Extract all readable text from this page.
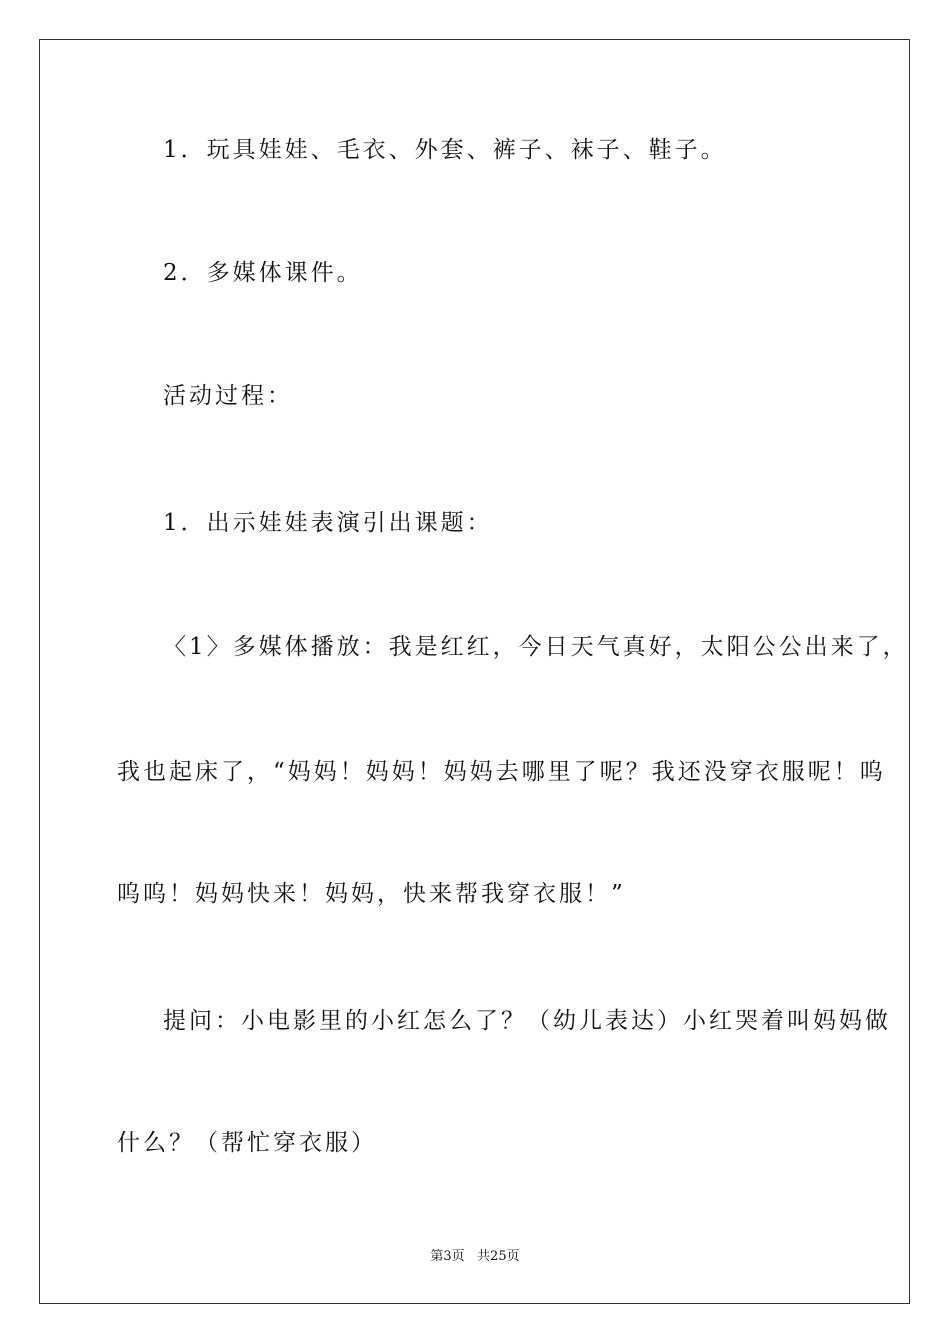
1．玩具娃娃、毛衣、外套、裤子、袜子、鞋子。
2．多媒体课件。
活动过程：
1．出示娃娃表演引出课题：
〈1〉多媒体播放：我是红红，今日天气真好，太阳公公出来了，
我也起床了，“妈妈！妈妈！妈妈去哪里了呢？我还没穿衣服呢！呜
呜呜！妈妈快来！妈妈，快来帮我穿衣服！”
提问：小电影里的小红怎么了？（幼儿表达）小红哭着叫妈妈做
什么？（帮忙穿衣服）
第3页   共25页
